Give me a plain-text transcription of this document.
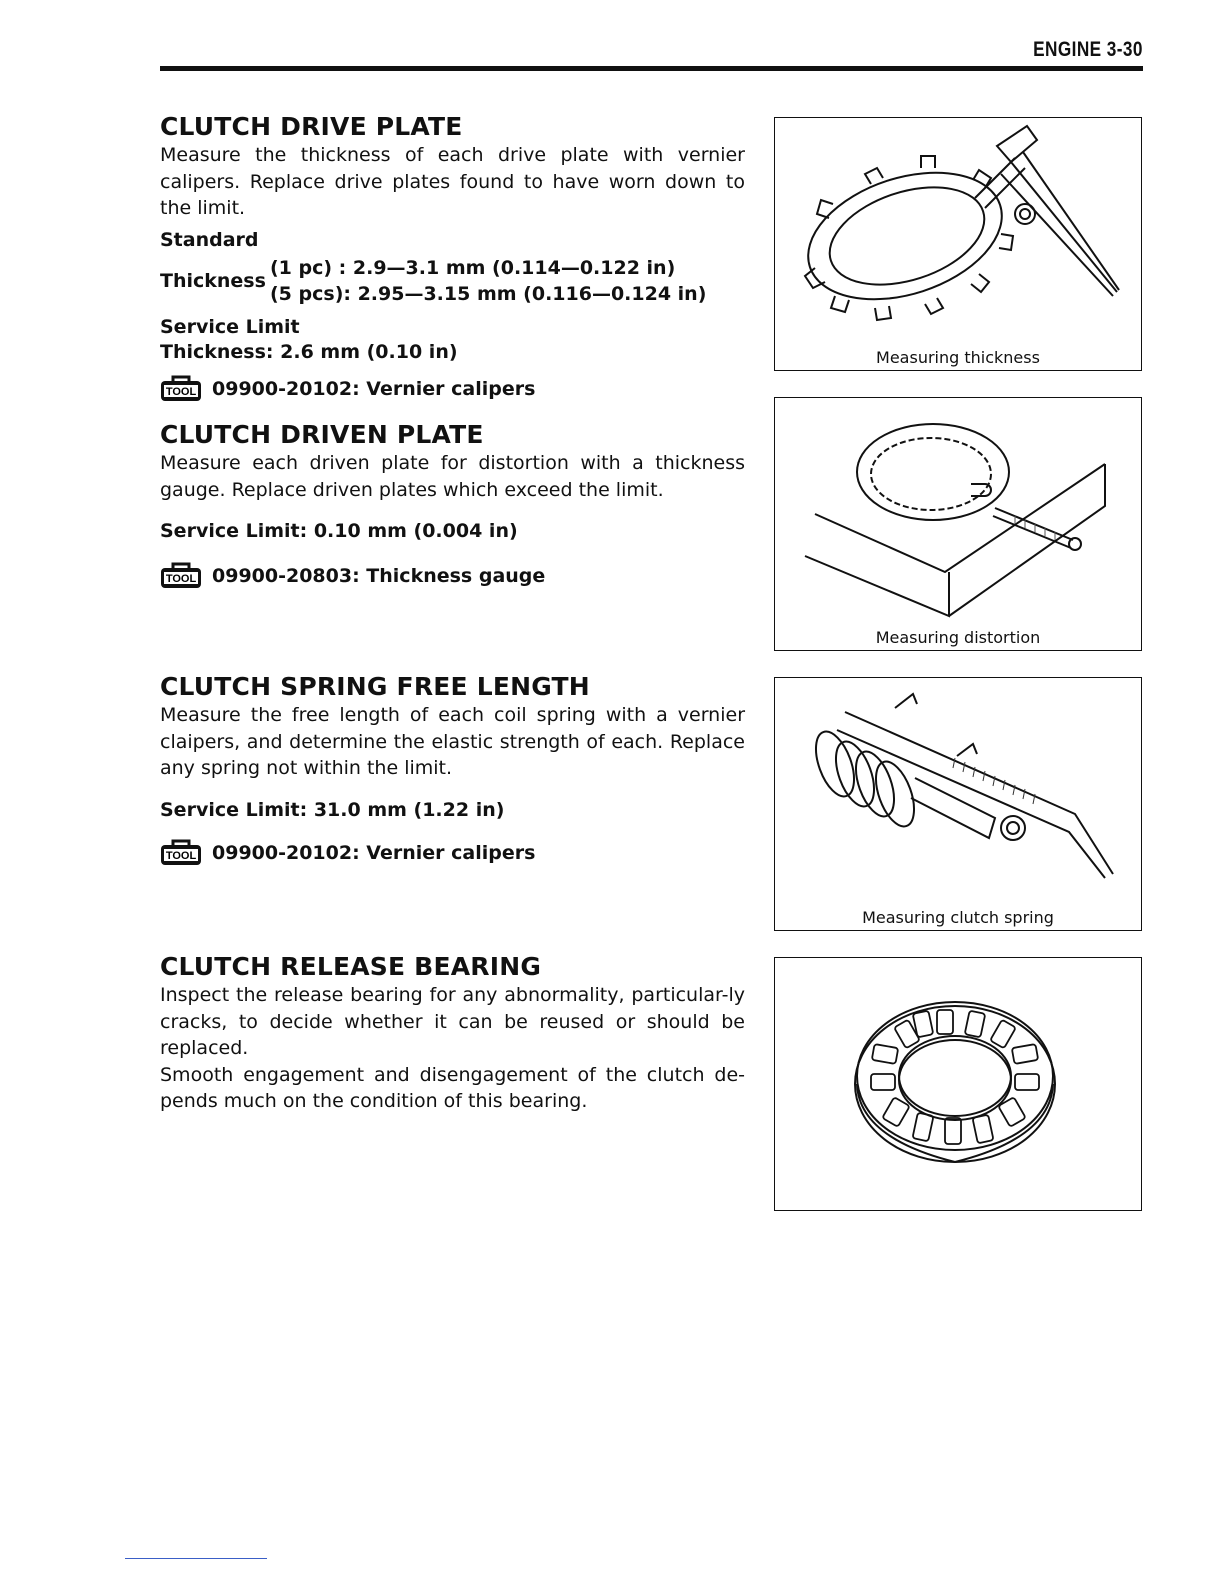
ENGINE 3-30
CLUTCH DRIVE PLATE

Measure the thickness of each drive plate with vernier calipers. Replace drive plates found to have worn down to the limit.

Standard

Thickness
(1 pc) : 2.9—3.1 mm (0.114—0.122 in)
(5 pcs): 2.95—3.15 mm (0.116—0.124 in)

Service Limit

Thickness: 2.6 mm (0.10 in)

TOOL 09900-20102: Vernier calipers
CLUTCH DRIVEN PLATE

Measure each driven plate for distortion with a thickness gauge. Replace driven plates which exceed the limit.

Service Limit: 0.10 mm (0.004 in)

TOOL 09900-20803: Thickness gauge
CLUTCH SPRING FREE LENGTH

Measure the free length of each coil spring with a vernier claipers, and determine the elastic strength of each. Replace any spring not within the limit.

Service Limit: 31.0 mm (1.22 in)

TOOL 09900-20102: Vernier calipers
CLUTCH RELEASE BEARING

Inspect the release bearing for any abnormality, particular-ly cracks, to decide whether it can be reused or should be replaced.

Smooth engagement and disengagement of the clutch de-pends much on the condition of this bearing.

Measuring thickness
Measuring distortion
Measuring clutch spring
